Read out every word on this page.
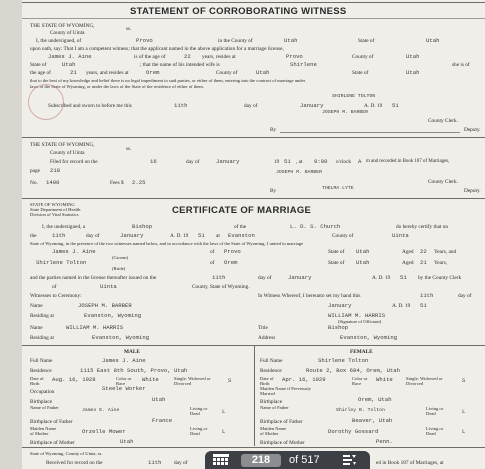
STATEMENT OF CORROBORATING WITNESS
THE STATE OF WYOMING,	ss.
County of Uinta
I, the undersigned, of	Provo	in the County of	Utah	State of	Utah
upon oath, say: That I am a competent witness; that the applicant named in the above application for a marriage license,
James J. Aine	is of the age of	22 years, resides at	Provo	County of	Utah
State of	Utah	; that the name of his intended wife is	Shirlene	she is of
the age of	21 years, and resides at	Orem	County of	Utah	State of	Utah
that to the best of my knowledge and belief there is no legal impediment to said parties, or either of them, entering into the contract of marriage under
laws of the State of Wyoming, or under the laws of the State of the residence of either of them.
SHIRLENE TOLTON
Subscribed and sworn to before me this	11th	day of	January	A. D. 19 51
JOSEPH M. BARBER
County Clerk.
By	Deputy.
THE STATE OF WYOMING,
ss.
County of Uinta
Filed for record on the	16	day of	January	19 51 , at 9:00 o'clock A m and recorded in Book 187 of Marriages,
page 218	JOSEPH M. BARBER
No. 1400	Fees $ 2.25	County Clerk.
By	THELMA LYTE	Deputy.
STATE OF WYOMING
State Department of Health
Division of Vital Statistics	CERTIFICATE OF MARRIAGE
I, the undersigned, a	Bishop	of the	L. D. S. Church	do hereby certify that on
the	11th	day of	January	A. D. 19 51 at Evanston	County of	Uinta
State of Wyoming, in the presence of the two witnesses named below, and in accordance with the laws of the State of Wyoming, I united in marriage
James J. Aine	of Provo	State of Utah	Aged 22 Years, and
(Groom)
Shirlene Tolton	of Orem	State of Utah	Aged 21 Years,
(Bride)
and the parties named in the license thereafter issued on the	11th	day of	January	A. D. 19 51 by the County Clerk
of	Uinta	County, State of Wyoming.
Witnesses to Ceremony:	In Witness Whereof, I hereunto set my hand this	11th	day of
Name	JOSEPH M. BARBER	January	A. D. 19 51
Residing at	Evanston, Wyoming	WILLIAM M. HARRIS
(Signature of Officiant)
Name	WILLIAM M. HARRIS	Title	Bishop
Residing at	Evanston, Wyoming	Address	Evanston, Wyoming
MALE
Full Name	James J. Aine
Residence	1115 East 8th South, Provo, Utah
Date of Birth
Aug. 16, 1928	Color or Race
White	Single, Widowed or Divorced	S
Occupation	Steele Worker
Birthplace	Utah
Name of Father
James E. Aine	Living or Dead	L
Birthplace of Father	France
Maiden Name of Mother	Orzelle Mower	Living or Dead	L
Birthplace of Mother	Utah
FEMALE
Full Name	Shirlene Tolton
Residence	Route 2, Box 684, Orem, Utah
Date of Birth
Apr. 16, 1929	Color or Race
White	Single, Widowed or Divorced	S
Maiden Name if Previously Married
Birthplace	Orem, Utah
Name of Father
Shirley B. Tolton	Living or Dead	L
Birthplace of Father	Beaver, Utah
Maiden Name of Mother	Dorothy Gossard	Living or Dead	L
Birthplace of Mother	Penn.
State of Wyoming, County of Uinta, ss.
Received for record on the	11th day of	ed in Book 187 of Marriages, at
218	of 517
